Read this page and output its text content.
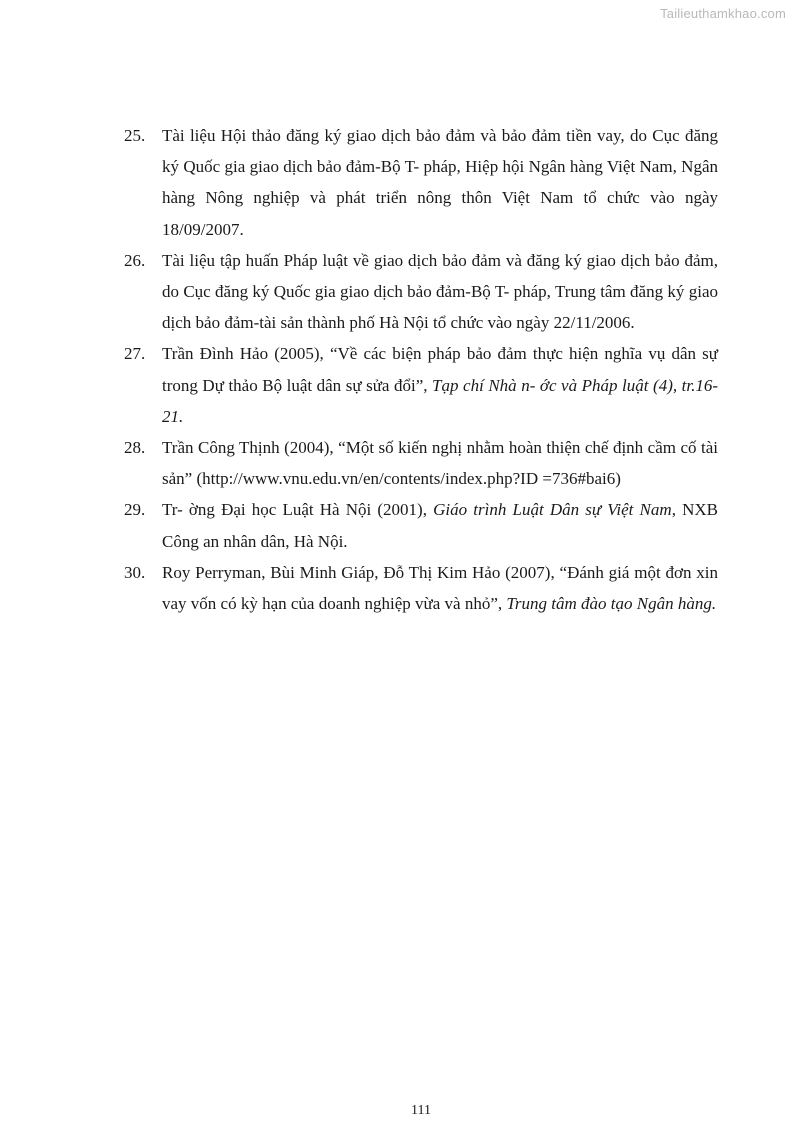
Tailieuthamkhao.com
25. Tài liệu Hội thảo đăng ký giao dịch bảo đảm và bảo đảm tiền vay, do Cục đăng ký Quốc gia giao dịch bảo đảm-Bộ T- pháp, Hiệp hội Ngân hàng Việt Nam, Ngân hàng Nông nghiệp và phát triển nông thôn Việt Nam tổ chức vào ngày 18/09/2007.
26. Tài liệu tập huấn Pháp luật về giao dịch bảo đảm và đăng ký giao dịch bảo đảm, do Cục đăng ký Quốc gia giao dịch bảo đảm-Bộ T- pháp, Trung tâm đăng ký giao dịch bảo đảm-tài sản thành phố Hà Nội tổ chức vào ngày 22/11/2006.
27. Trần Đình Hảo (2005), “Về các biện pháp bảo đảm thực hiện nghĩa vụ dân sự trong Dự thảo Bộ luật dân sự sửa đổi”, Tạp chí Nhà n- ớc và Pháp luật (4), tr.16-21.
28. Trần Công Thịnh (2004), “Một số kiến nghị nhằm hoàn thiện chế định cầm cố tài sản” (http://www.vnu.edu.vn/en/contents/index.php?ID =736#bai6)
29. Tr- ờng Đại học Luật Hà Nội (2001), Giáo trình Luật Dân sự Việt Nam, NXB Công an nhân dân, Hà Nội.
30. Roy Perryman, Bùi Minh Giáp, Đỗ Thị Kim Hảo (2007), “Đánh giá một đơn xin vay vốn có kỳ hạn của doanh nghiệp vừa và nhỏ”, Trung tâm đào tạo Ngân hàng.
111
